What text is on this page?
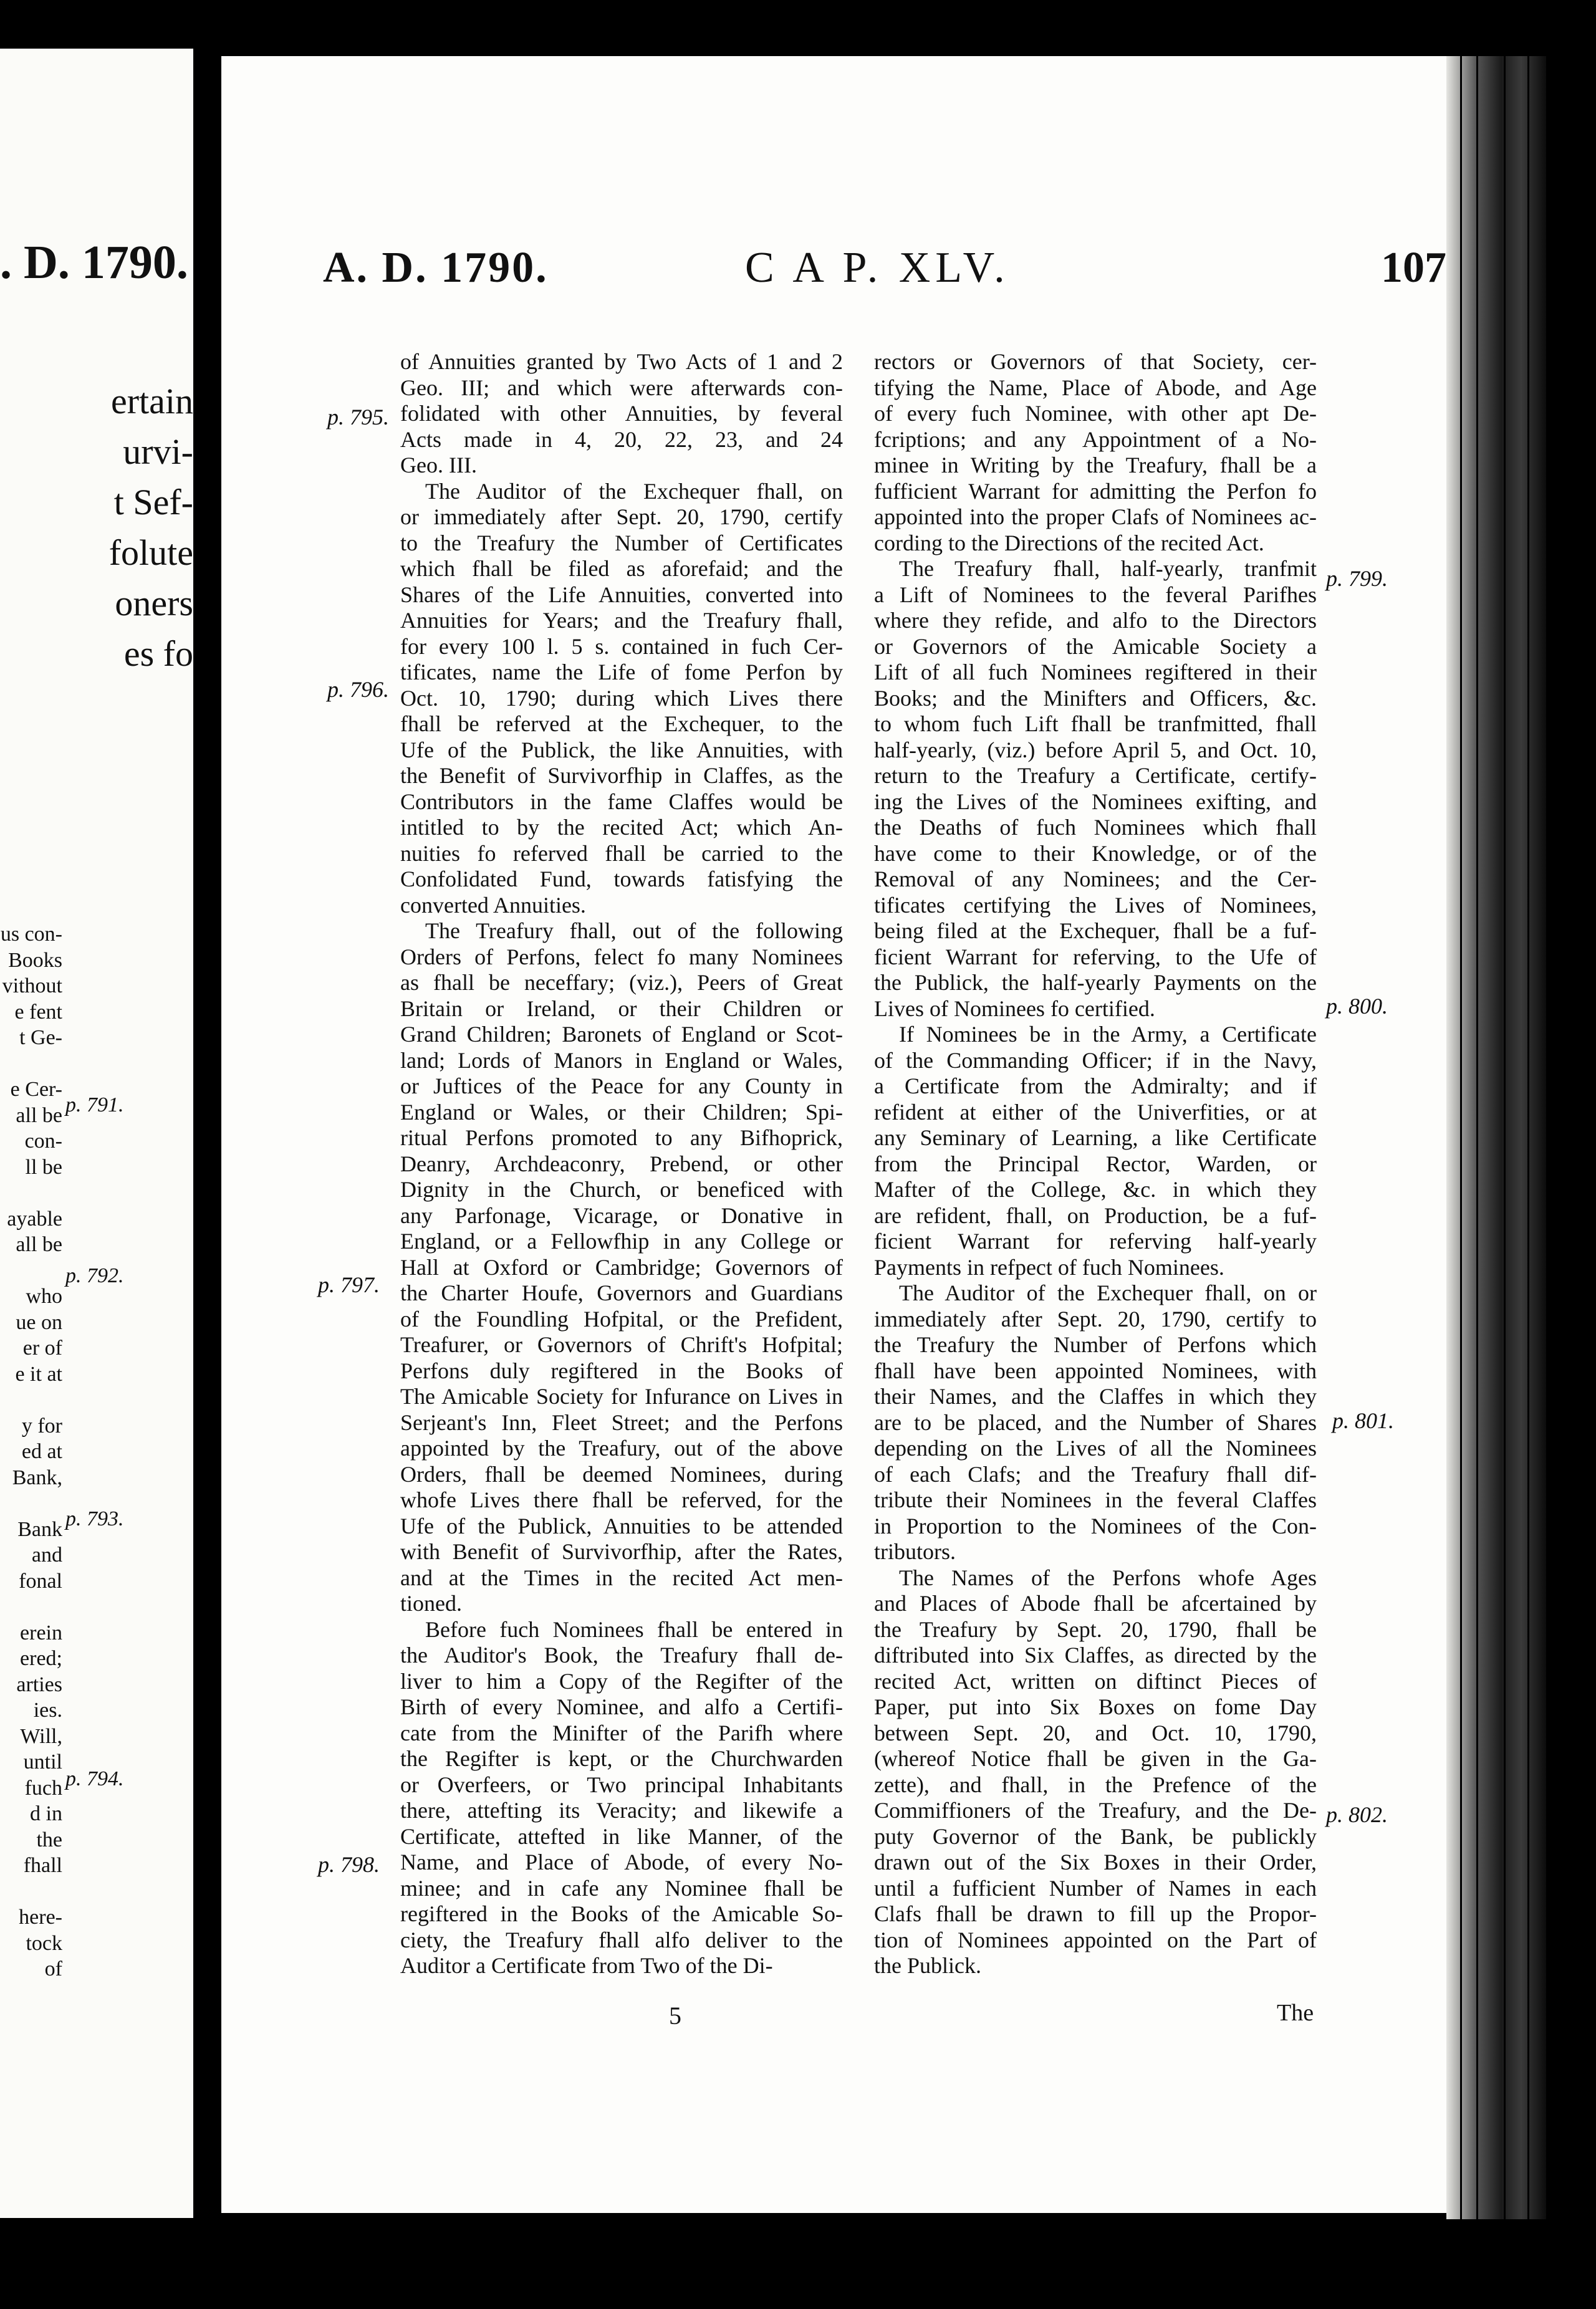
. D. 1790.
ertain
urvi-
t Sef-
folute
oners
es fo
us con-
Books
vithout
e fent
t Ge-
e Cer-
all be
con-
ll be
ayable
all be
who
ue on
er of
e it at
y for
ed at
Bank,
Bank
and
fonal
erein
ered;
arties
ies.
Will,
until
fuch
d in
the
fhall
here-
tock
of
p. 791.
p. 792.
p. 793.
p. 794.
A. D. 1790.	C A P. XLV.	107
of Annuities granted by Two Acts of 1 and 2
Geo. III; and which were afterwards con-
folidated with other Annuities, by feveral
Acts made in 4, 20, 22, 23, and 24
Geo. III.
The Auditor of the Exchequer fhall, on
or immediately after Sept. 20, 1790, certify
to the Treafury the Number of Certificates
which fhall be filed as aforefaid; and the
Shares of the Life Annuities, converted into
Annuities for Years; and the Treafury fhall,
for every 100 l. 5 s. contained in fuch Cer-
tificates, name the Life of fome Perfon by
Oct. 10, 1790; during which Lives there
fhall be referved at the Exchequer, to the
Ufe of the Publick, the like Annuities, with
the Benefit of Survivorfhip in Claffes, as the
Contributors in the fame Claffes would be
intitled to by the recited Act; which An-
nuities fo referved fhall be carried to the
Confolidated Fund, towards fatisfying the
converted Annuities.
The Treafury fhall, out of the following
Orders of Perfons, felect fo many Nominees
as fhall be neceffary; (viz.), Peers of Great
Britain or Ireland, or their Children or
Grand Children; Baronets of England or Scot-
land; Lords of Manors in England or Wales,
or Juftices of the Peace for any County in
England or Wales, or their Children; Spi-
ritual Perfons promoted to any Bifhoprick,
Deanry, Archdeaconry, Prebend, or other
Dignity in the Church, or beneficed with
any Parfonage, Vicarage, or Donative in
England, or a Fellowfhip in any College or
Hall at Oxford or Cambridge; Governors of
the Charter Houfe, Governors and Guardians
of the Foundling Hofpital, or the Prefident,
Treafurer, or Governors of Chrift's Hofpital;
Perfons duly regiftered in the Books of
The Amicable Society for Infurance on Lives in
Serjeant's Inn, Fleet Street; and the Perfons
appointed by the Treafury, out of the above
Orders, fhall be deemed Nominees, during
whofe Lives there fhall be referved, for the
Ufe of the Publick, Annuities to be attended
with Benefit of Survivorfhip, after the Rates,
and at the Times in the recited Act men-
tioned.
Before fuch Nominees fhall be entered in
the Auditor's Book, the Treafury fhall de-
liver to him a Copy of the Regifter of the
Birth of every Nominee, and alfo a Certifi-
cate from the Minifter of the Parifh where
the Regifter is kept, or the Churchwarden
or Overfeers, or Two principal Inhabitants
there, attefting its Veracity; and likewife a
Certificate, attefted in like Manner, of the
Name, and Place of Abode, of every No-
minee; and in cafe any Nominee fhall be
regiftered in the Books of the Amicable So-
ciety, the Treafury fhall alfo deliver to the
Auditor a Certificate from Two of the Di-
rectors or Governors of that Society, cer-
tifying the Name, Place of Abode, and Age
of every fuch Nominee, with other apt De-
fcriptions; and any Appointment of a No-
minee in Writing by the Treafury, fhall be a
fufficient Warrant for admitting the Perfon fo
appointed into the proper Clafs of Nominees ac-
cording to the Directions of the recited Act.
The Treafury fhall, half-yearly, tranfmit
a Lift of Nominees to the feveral Parifhes
where they refide, and alfo to the Directors
or Governors of the Amicable Society a
Lift of all fuch Nominees regiftered in their
Books; and the Minifters and Officers, &c.
to whom fuch Lift fhall be tranfmitted, fhall
half-yearly, (viz.) before April 5, and Oct. 10,
return to the Treafury a Certificate, certify-
ing the Lives of the Nominees exifting, and
the Deaths of fuch Nominees which fhall
have come to their Knowledge, or of the
Removal of any Nominees; and the Cer-
tificates certifying the Lives of Nominees,
being filed at the Exchequer, fhall be a fuf-
ficient Warrant for referving, to the Ufe of
the Publick, the half-yearly Payments on the
Lives of Nominees fo certified.
If Nominees be in the Army, a Certificate
of the Commanding Officer; if in the Navy,
a Certificate from the Admiralty; and if
refident at either of the Univerfities, or at
any Seminary of Learning, a like Certificate
from the Principal Rector, Warden, or
Mafter of the College, &c. in which they
are refident, fhall, on Production, be a fuf-
ficient Warrant for referving half-yearly
Payments in refpect of fuch Nominees.
The Auditor of the Exchequer fhall, on or
immediately after Sept. 20, 1790, certify to
the Treafury the Number of Perfons which
fhall have been appointed Nominees, with
their Names, and the Claffes in which they
are to be placed, and the Number of Shares
depending on the Lives of all the Nominees
of each Clafs; and the Treafury fhall dif-
tribute their Nominees in the feveral Claffes
in Proportion to the Nominees of the Con-
tributors.
The Names of the Perfons whofe Ages
and Places of Abode fhall be afcertained by
the Treafury by Sept. 20, 1790, fhall be
diftributed into Six Claffes, as directed by the
recited Act, written on diftinct Pieces of
Paper, put into Six Boxes on fome Day
between Sept. 20, and Oct. 10, 1790,
(whereof Notice fhall be given in the Ga-
zette), and fhall, in the Prefence of the
Commiffioners of the Treafury, and the De-
puty Governor of the Bank, be publickly
drawn out of the Six Boxes in their Order,
until a fufficient Number of Names in each
Clafs fhall be drawn to fill up the Propor-
tion of Nominees appointed on the Part of
the Publick.
p. 795.
p. 796.
p. 797.
p. 798.
p. 799.
p. 800.
p. 801.
p. 802.
5	The
